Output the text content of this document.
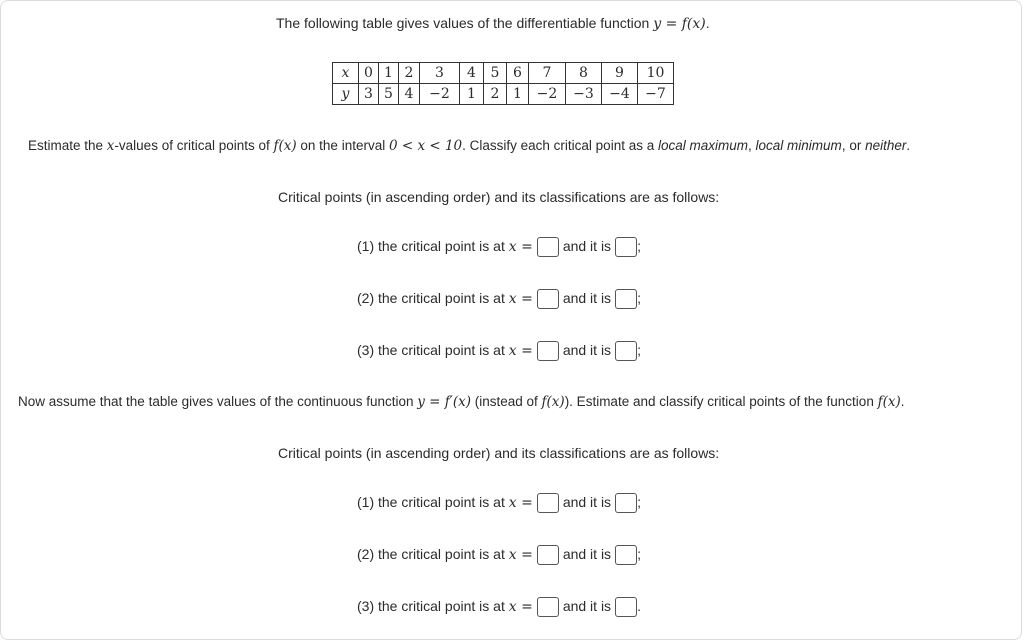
The following table gives values of the differentiable function y = f(x).
x	0	1	2	3	4	5	6	7	8	9	10
y	3	5	4	−2	1	2	1	−2	−3	−4	−7
Estimate the x-values of critical points of f(x) on the interval 0 < x < 10. Classify each critical point as a local maximum, local minimum, or neither.
Critical points (in ascending order) and its classifications are as follows:
(1) the critical point is at x = and it is ;
(2) the critical point is at x = and it is ;
(3) the critical point is at x = and it is ;
Now assume that the table gives values of the continuous function y = f′(x) (instead of f(x)). Estimate and classify critical points of the function f(x).
Critical points (in ascending order) and its classifications are as follows:
(1) the critical point is at x = and it is ;
(2) the critical point is at x = and it is ;
(3) the critical point is at x = and it is .
